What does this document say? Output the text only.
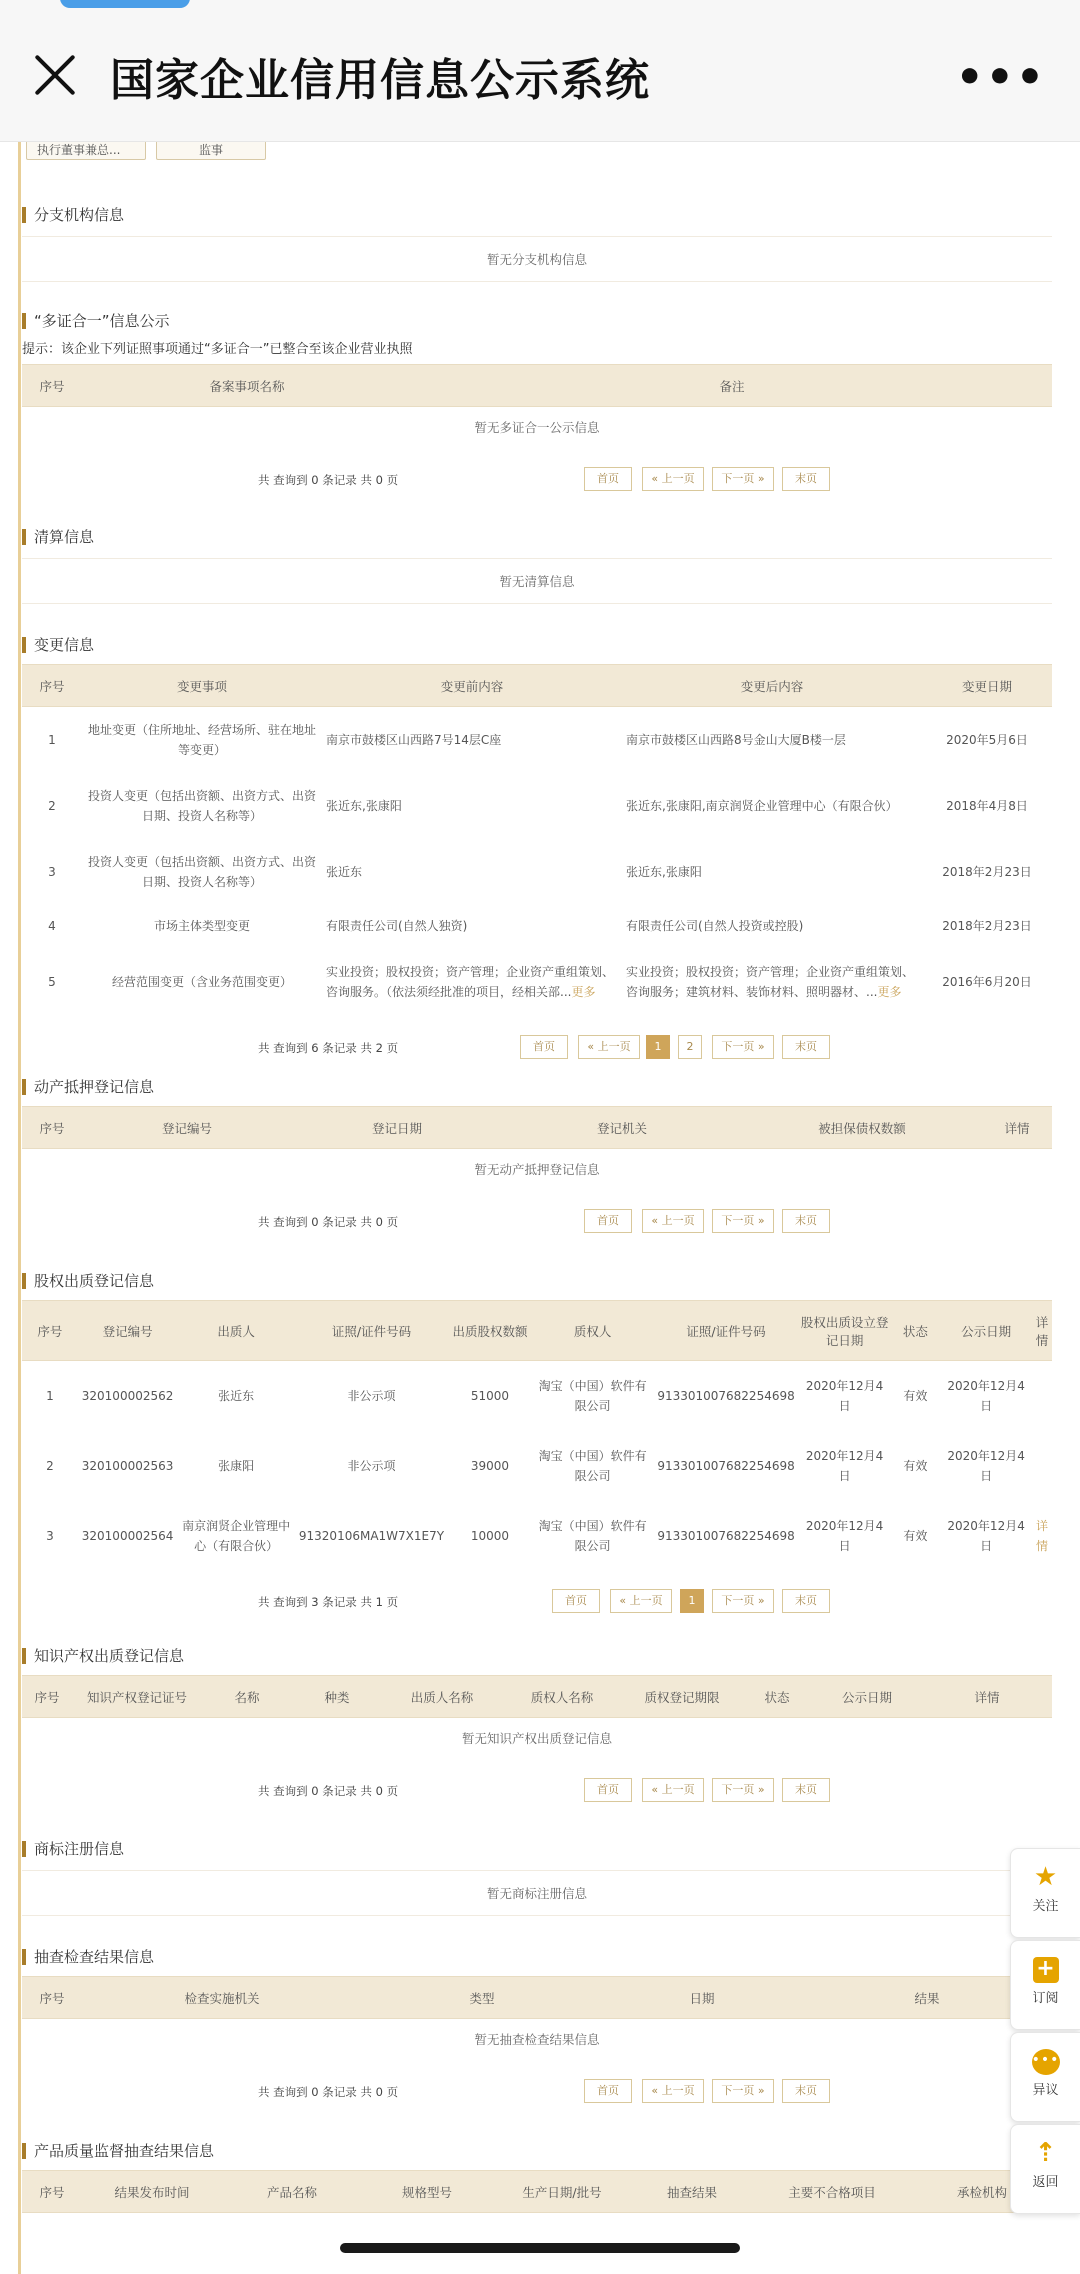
国家企业信用信息公示系统	•••
执行董事兼总...	监事
分支机构信息
暂无分支机构信息
“多证合一”信息公示
提示：该企业下列证照事项通过“多证合一”已整合至该企业营业执照
序号	备案事项名称	备注
暂无多证合一公示信息
共 查询到 0 条记录 共 0 页	首页	« 上一页	下一页 »	末页
清算信息
暂无清算信息
变更信息
序号	变更事项	变更前内容	变更后内容	变更日期
1	地址变更（住所地址、经营场所、驻在地址等变更）	南京市鼓楼区山西路7号14层C座	南京市鼓楼区山西路8号金山大厦B楼一层	2020年5月6日
2	投资人变更（包括出资额、出资方式、出资日期、投资人名称等）	张近东,张康阳	张近东,张康阳,南京润贤企业管理中心（有限合伙）	2018年4月8日
3	投资人变更（包括出资额、出资方式、出资日期、投资人名称等）	张近东	张近东,张康阳	2018年2月23日
4	市场主体类型变更	有限责任公司(自然人独资)	有限责任公司(自然人投资或控股)	2018年2月23日
5	经营范围变更（含业务范围变更）	实业投资；股权投资；资产管理；企业资产重组策划、咨询服务。（依法须经批准的项目，经相关部...更多	实业投资；股权投资；资产管理；企业资产重组策划、咨询服务；建筑材料、装饰材料、照明器材、...更多	2016年6月20日
共 查询到 6 条记录 共 2 页	首页	« 上一页	1	2	下一页 »	末页
动产抵押登记信息
序号	登记编号	登记日期	登记机关	被担保债权数额	详情
暂无动产抵押登记信息
共 查询到 0 条记录 共 0 页	首页	« 上一页	下一页 »	末页
股权出质登记信息
序号	登记编号	出质人	证照/证件号码	出质股权数额	质权人	证照/证件号码	股权出质设立登记日期	状态	公示日期	详情
1	320100002562	张近东	非公示项	51000	淘宝（中国）软件有限公司	913301007682254698	2020年12月4日	有效	2020年12月4日	
2	320100002563	张康阳	非公示项	39000	淘宝（中国）软件有限公司	913301007682254698	2020年12月4日	有效	2020年12月4日	
3	320100002564	南京润贤企业管理中心（有限合伙）	91320106MA1W7X1E7Y	10000	淘宝（中国）软件有限公司	913301007682254698	2020年12月4日	有效	2020年12月4日	详情
共 查询到 3 条记录 共 1 页	首页	« 上一页	1	下一页 »	末页
知识产权出质登记信息
序号	知识产权登记证号	名称	种类	出质人名称	质权人名称	质权登记期限	状态	公示日期	详情
暂无知识产权出质登记信息
共 查询到 0 条记录 共 0 页	首页	« 上一页	下一页 »	末页
商标注册信息
暂无商标注册信息
抽查检查结果信息
序号	检查实施机关	类型	日期	结果
暂无抽查检查结果信息
共 查询到 0 条记录 共 0 页	首页	« 上一页	下一页 »	末页
产品质量监督抽查结果信息
序号	结果发布时间	产品名称	规格型号	生产日期/批号	抽查结果	主要不合格项目	承检机构
★
关注
+
订阅
•••
异议
⇡
返回
